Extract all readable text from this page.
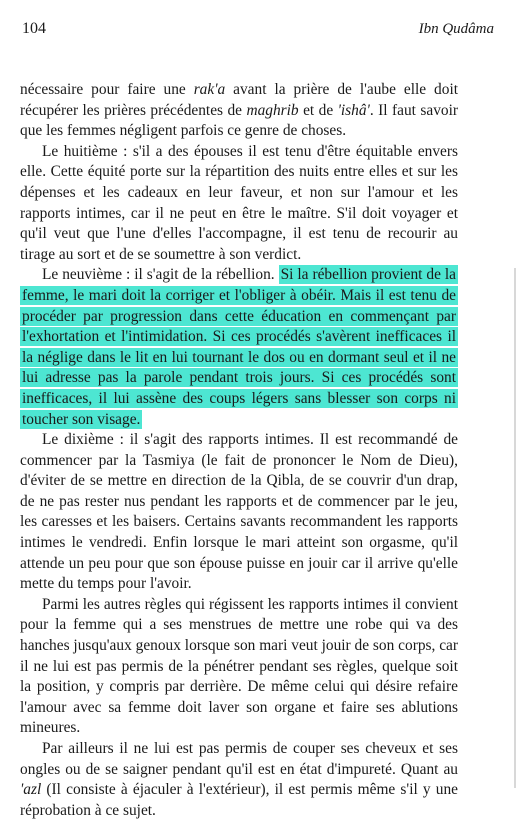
104	Ibn Qudâma

nécessaire pour faire une rak'a avant la prière de l'aube elle doit récupérer les prières précédentes de maghrib et de 'ishâ'. Il faut savoir que les femmes négligent parfois ce genre de choses.

Le huitième : s'il a des épouses il est tenu d'être équitable envers elle. Cette équité porte sur la répartition des nuits entre elles et sur les dépenses et les cadeaux en leur faveur, et non sur l'amour et les rapports intimes, car il ne peut en être le maître. S'il doit voyager et qu'il veut que l'une d'elles l'accompagne, il est tenu de recourir au tirage au sort et de se soumettre à son verdict.

Le neuvième : il s'agit de la rébellion. Si la rébellion provient de la femme, le mari doit la corriger et l'obliger à obéir. Mais il est tenu de procéder par progression dans cette éducation en commençant par l'exhortation et l'intimidation. Si ces procédés s'avèrent inefficaces il la néglige dans le lit en lui tournant le dos ou en dormant seul et il ne lui adresse pas la parole pendant trois jours. Si ces procédés sont inefficaces, il lui assène des coups légers sans blesser son corps ni toucher son visage.

Le dixième : il s'agit des rapports intimes. Il est recommandé de commencer par la Tasmiya (le fait de prononcer le Nom de Dieu), d'éviter de se mettre en direction de la Qibla, de se couvrir d'un drap, de ne pas rester nus pendant les rapports et de commencer par le jeu, les caresses et les baisers. Certains savants recommandent les rapports intimes le vendredi. Enfin lorsque le mari atteint son orgasme, qu'il attende un peu pour que son épouse puisse en jouir car il arrive qu'elle mette du temps pour l'avoir.

Parmi les autres règles qui régissent les rapports intimes il convient pour la femme qui a ses menstrues de mettre une robe qui va des hanches jusqu'aux genoux lorsque son mari veut jouir de son corps, car il ne lui est pas permis de la pénétrer pendant ses règles, quelque soit la position, y compris par derrière. De même celui qui désire refaire l'amour avec sa femme doit laver son organe et faire ses ablutions mineures.

Par ailleurs il ne lui est pas permis de couper ses cheveux et ses ongles ou de se saigner pendant qu'il est en état d'impureté. Quant au 'azl (Il consiste à éjaculer à l'extérieur), il est permis même s'il y une réprobation à ce sujet.
